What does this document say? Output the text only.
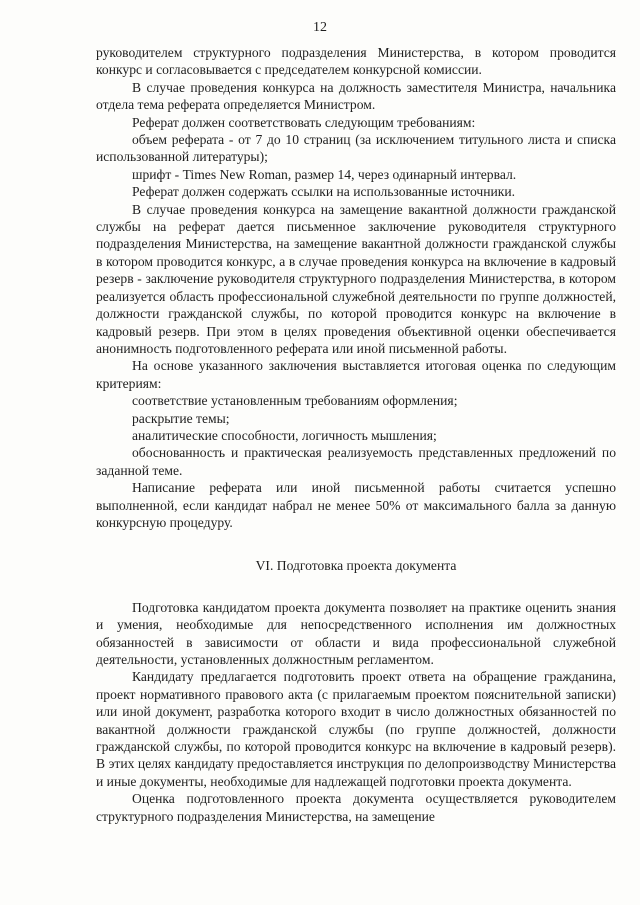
12

руководителем структурного подразделения Министерства, в котором проводится конкурс и согласовывается с председателем конкурсной комиссии.

В случае проведения конкурса на должность заместителя Министра, начальника отдела тема реферата определяется Министром.

Реферат должен соответствовать следующим требованиям:

объем реферата - от 7 до 10 страниц (за исключением титульного листа и списка использованной литературы);

шрифт - Times New Roman, размер 14, через одинарный интервал.

Реферат должен содержать ссылки на использованные источники.

В случае проведения конкурса на замещение вакантной должности гражданской службы на реферат дается письменное заключение руководителя структурного подразделения Министерства, на замещение вакантной должности гражданской службы в котором проводится конкурс, а в случае проведения конкурса на включение в кадровый резерв - заключение руководителя структурного подразделения Министерства, в котором реализуется область профессиональной служебной деятельности по группе должностей, должности гражданской службы, по которой проводится конкурс на включение в кадровый резерв. При этом в целях проведения объективной оценки обеспечивается анонимность подготовленного реферата или иной письменной работы.

На основе указанного заключения выставляется итоговая оценка по следующим критериям:

соответствие установленным требованиям оформления;

раскрытие темы;

аналитические способности, логичность мышления;

обоснованность и практическая реализуемость представленных предложений по заданной теме.

Написание реферата или иной письменной работы считается успешно выполненной, если кандидат набрал не менее 50% от максимального балла за данную конкурсную процедуру.

VI. Подготовка проекта документа

Подготовка кандидатом проекта документа позволяет на практике оценить знания и умения, необходимые для непосредственного исполнения им должностных обязанностей в зависимости от области и вида профессиональной служебной деятельности, установленных должностным регламентом.

Кандидату предлагается подготовить проект ответа на обращение гражданина, проект нормативного правового акта (с прилагаемым проектом пояснительной записки) или иной документ, разработка которого входит в число должностных обязанностей по вакантной должности гражданской службы (по группе должностей, должности гражданской службы, по которой проводится конкурс на включение в кадровый резерв). В этих целях кандидату предоставляется инструкция по делопроизводству Министерства и иные документы, необходимые для надлежащей подготовки проекта документа.

Оценка подготовленного проекта документа осуществляется руководителем структурного подразделения Министерства, на замещение
